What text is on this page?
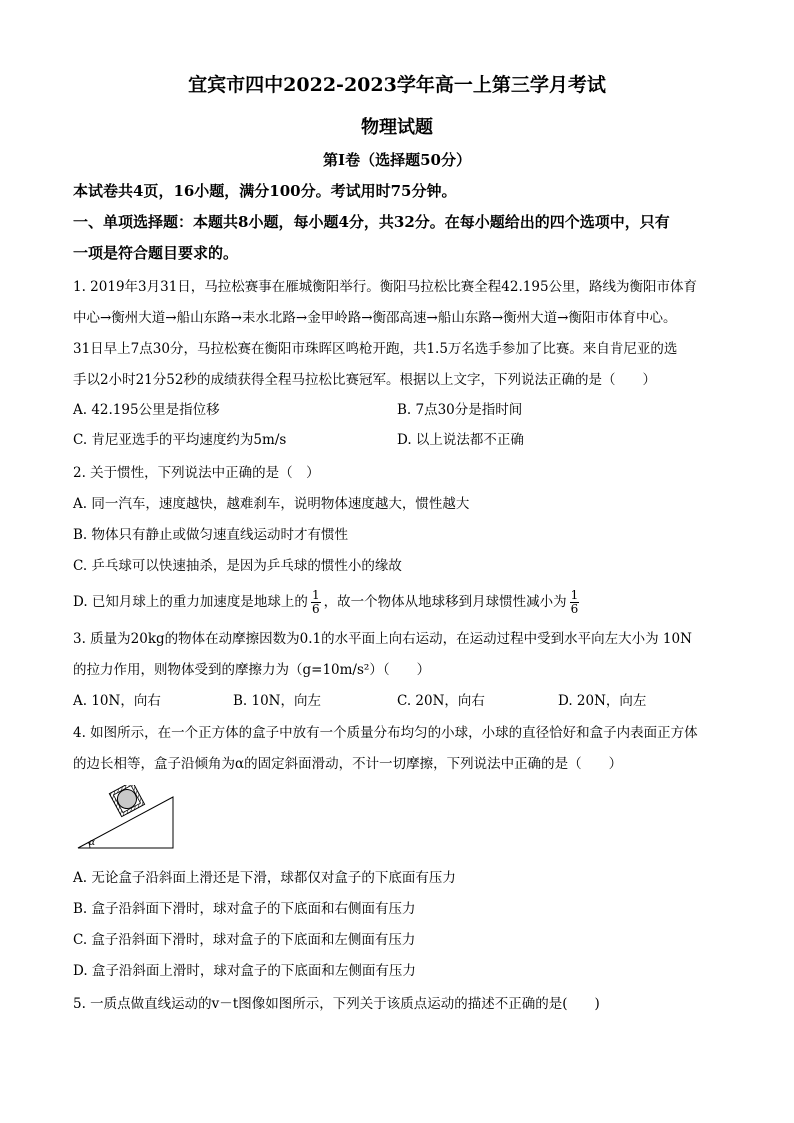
宜宾市四中2022-2023学年高一上第三学月考试
物理试题
第Ⅰ卷（选择题50分）
本试卷共4页，16小题，满分100分。考试用时75分钟。
一、单项选择题：本题共8小题，每小题4分，共32分。在每小题给出的四个选项中，只有
一项是符合题目要求的。
1. 2019年3月31日，马拉松赛事在雁城衡阳举行。衡阳马拉松比赛全程42.195公里，路线为衡阳市体育
中心→衡州大道→船山东路→耒水北路→金甲岭路→衡邵高速→船山东路→衡州大道→衡阳市体育中心。
31日早上7点30分，马拉松赛在衡阳市珠晖区鸣枪开跑，共1.5万名选手参加了比赛。来自肯尼亚的选
手以2小时21分52秒的成绩获得全程马拉松比赛冠军。根据以上文字，下列说法正确的是（　　）
A. 42.195公里是指位移	B. 7点30分是指时间
C. 肯尼亚选手的平均速度约为5m/s	D. 以上说法都不正确
2. 关于惯性，下列说法中正确的是（　）
A. 同一汽车，速度越快，越难刹车，说明物体速度越大，惯性越大
B. 物体只有静止或做匀速直线运动时才有惯性
C. 乒乓球可以快速抽杀，是因为乒乓球的惯性小的缘故
D. 已知月球上的重力加速度是地球上的 $\frac{1}{6}$ ，故一个物体从地球移到月球惯性减小为 $\frac{1}{6}$
3. 质量为20kg的物体在动摩擦因数为0.1的水平面上向右运动，在运动过程中受到水平向左大小为 10N
的拉力作用，则物体受到的摩擦力为（g=10m/s²）（　　）
A. 10N，向右	B. 10N，向左	C. 20N，向右	D. 20N，向左
4. 如图所示，在一个正方体的盒子中放有一个质量分布均匀的小球，小球的直径恰好和盒子内表面正方体
的边长相等，盒子沿倾角为α的固定斜面滑动，不计一切摩擦，下列说法中正确的是（　　）
α
A. 无论盒子沿斜面上滑还是下滑，球都仅对盒子的下底面有压力
B. 盒子沿斜面下滑时，球对盒子的下底面和右侧面有压力
C. 盒子沿斜面下滑时，球对盒子的下底面和左侧面有压力
D. 盒子沿斜面上滑时，球对盒子的下底面和左侧面有压力
5. 一质点做直线运动的v－t图像如图所示，下列关于该质点运动的描述不正确的是(　　)
